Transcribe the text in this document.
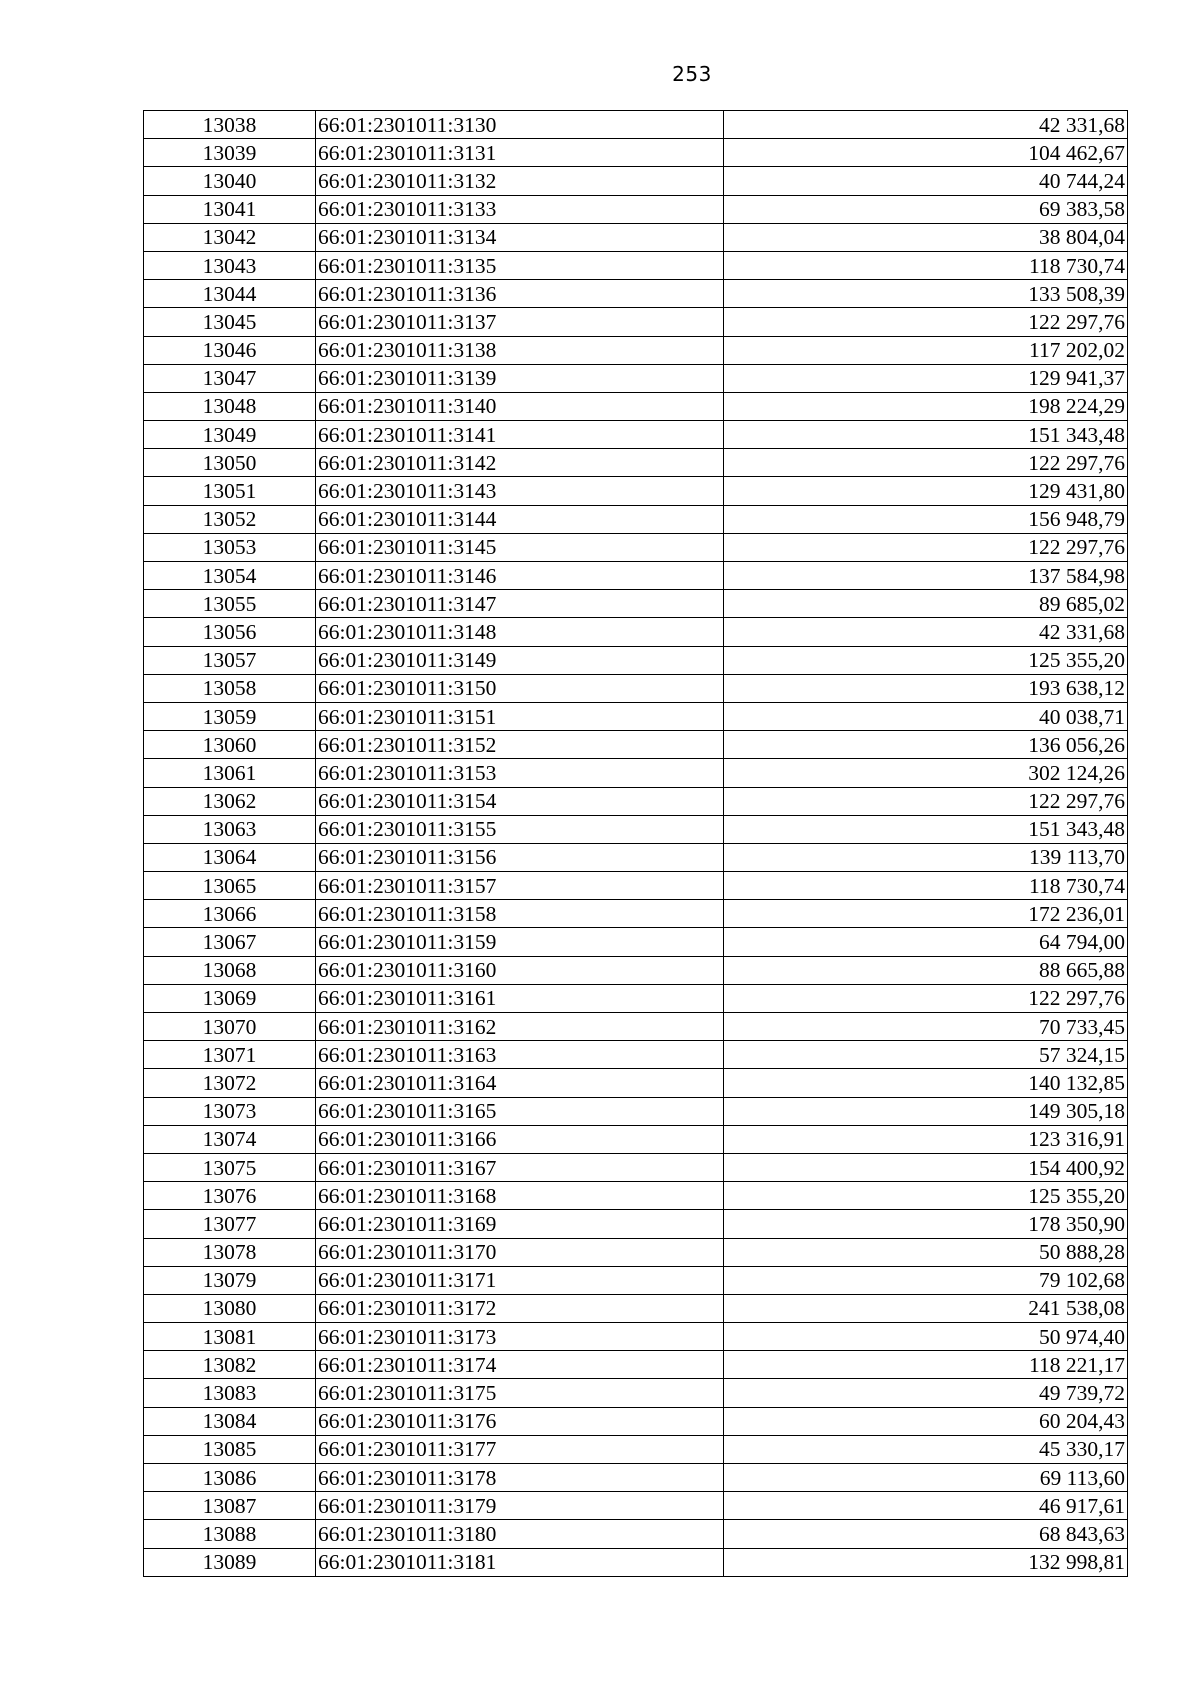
253
13038	66:01:2301011:3130	42 331,68
13039	66:01:2301011:3131	104 462,67
13040	66:01:2301011:3132	40 744,24
13041	66:01:2301011:3133	69 383,58
13042	66:01:2301011:3134	38 804,04
13043	66:01:2301011:3135	118 730,74
13044	66:01:2301011:3136	133 508,39
13045	66:01:2301011:3137	122 297,76
13046	66:01:2301011:3138	117 202,02
13047	66:01:2301011:3139	129 941,37
13048	66:01:2301011:3140	198 224,29
13049	66:01:2301011:3141	151 343,48
13050	66:01:2301011:3142	122 297,76
13051	66:01:2301011:3143	129 431,80
13052	66:01:2301011:3144	156 948,79
13053	66:01:2301011:3145	122 297,76
13054	66:01:2301011:3146	137 584,98
13055	66:01:2301011:3147	89 685,02
13056	66:01:2301011:3148	42 331,68
13057	66:01:2301011:3149	125 355,20
13058	66:01:2301011:3150	193 638,12
13059	66:01:2301011:3151	40 038,71
13060	66:01:2301011:3152	136 056,26
13061	66:01:2301011:3153	302 124,26
13062	66:01:2301011:3154	122 297,76
13063	66:01:2301011:3155	151 343,48
13064	66:01:2301011:3156	139 113,70
13065	66:01:2301011:3157	118 730,74
13066	66:01:2301011:3158	172 236,01
13067	66:01:2301011:3159	64 794,00
13068	66:01:2301011:3160	88 665,88
13069	66:01:2301011:3161	122 297,76
13070	66:01:2301011:3162	70 733,45
13071	66:01:2301011:3163	57 324,15
13072	66:01:2301011:3164	140 132,85
13073	66:01:2301011:3165	149 305,18
13074	66:01:2301011:3166	123 316,91
13075	66:01:2301011:3167	154 400,92
13076	66:01:2301011:3168	125 355,20
13077	66:01:2301011:3169	178 350,90
13078	66:01:2301011:3170	50 888,28
13079	66:01:2301011:3171	79 102,68
13080	66:01:2301011:3172	241 538,08
13081	66:01:2301011:3173	50 974,40
13082	66:01:2301011:3174	118 221,17
13083	66:01:2301011:3175	49 739,72
13084	66:01:2301011:3176	60 204,43
13085	66:01:2301011:3177	45 330,17
13086	66:01:2301011:3178	69 113,60
13087	66:01:2301011:3179	46 917,61
13088	66:01:2301011:3180	68 843,63
13089	66:01:2301011:3181	132 998,81
